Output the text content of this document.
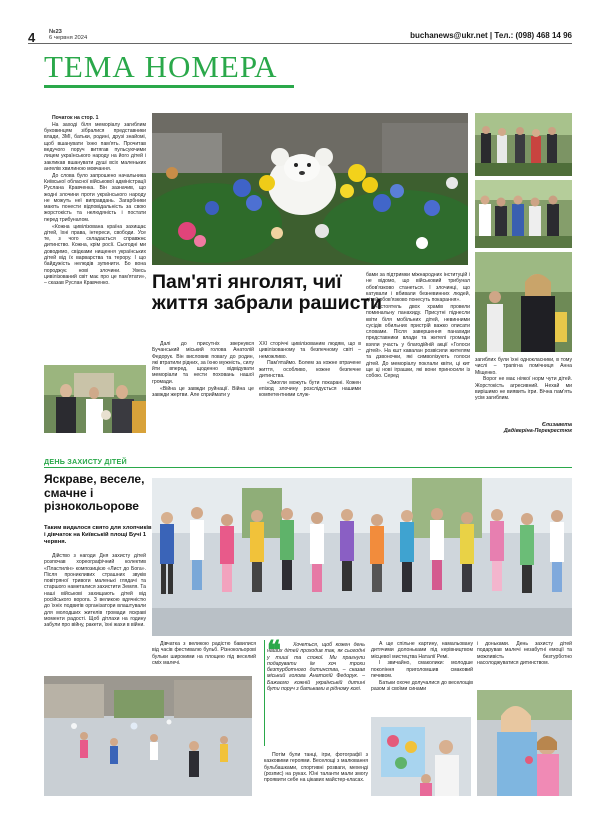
4 №23
6 червня 2024	buchanews@ukr.net | Тел.: (098) 468 14 96
ТЕМА НОМЕРА

Початок на стор. 1

На заході біля меморіалу загиблим буковинцям зібралися представники влади, ЗМІ, батьки, родині, друзі знайомі, щоб вшанувати їхню пам'ять. Прочитав ведучого поруч витягав пульсуючими лицем українського народу на його дітей і закликав вшанувати душі всіх маленьких ангелів хвилиною мовчання.

До слова було запрошено начальника Київської обласної військової адміністрації Руслана Кравченка. Він зазначив, що жодні злочини проти українського народу не можуть неї виправдань. Загарбники мають понести відповідальність за свою жорстокість та нелюдяність і постати перед трибуналом.

«Кожна цивілізована країна захищає дітей, їхні права, інтереси, свободи. Усе те, з чого складається справжнє дитинство. Кожна, крім росії. Сьогодні ми доводимо, свідками нищення українських дітей від їх варварства та терору. І що байдужість нелюдів зупинити. Бо вона породжує нові злочини. Увесь цивілізований світ має про це пам'ятати», – сказав Руслан Кравченко.	Пам'яті янголят, чиї життя забрали рашисти

Далі до присутніх звернувся Бучанський міський голова Анатолій Федорук. Він висловив повагу до родин, які втратили рідних, за їхню мужність, силу йти вперед, щоденно відвідувати меморіали та нести поховань нашої громади.

«Війна це завжди руйнації. Війна це завжди жертви. Але сприймати у

XXI сторіччі цивілізованим людям, що в цивілізованому та безпечному світі – неможливо.

Пам'ятаймо. Болем за кожне втрачене життя, особливо, кожне безпечне дитинства.

«Змогли можуть бути покарані. Кожен епізод злочину розслідується нашими компетентними служ-

бами за підтримки міжнародних інституцій і не відомо, що військовий трибунал обов'язково станеться. І злочинці, що катували і вбивали безневинних людей, дітей обов'язково понесуть покарання».

Настоятель двох храмів провели поминальну панахиду. Присутні піднесли квіти біля мобільних дітей, невинними сусідів обильних пристрій важко описати словами. Після завершення панахиди представники влади та жителі громади взяли участь у благодійній акції «Голоси дітей». На кшт кавалан розвісили жителям та дзвоночки, які символізують голоси дітей. До меморіалу поклали квіти, ці кит ще ці нові іграшки, які вони приносили із собою. Серед

загиблих були їхні однокласники, в тому числі – трапігна помічниця Анна Міщенко.

Ворог не має ніякої норм чути дітей. Жорстокість агресивний. Нехай ми вирішимо не виявить ігри. Вічна пам'ять усім загиблим.

Єлизавета
Дадіверіна-Перекрестюк
ДЕНЬ ЗАХИСТУ ДІТЕЙ
Яскраве, веселе, смачне і різнокольорове
Таким видалося свято для хлопчиків і дівчаток на Київській площі Бучі 1 червня.

Дійство з нагоди Дня захисту дітей розпочав хореографічний колектив «Пластилін» композицією «Лист до Бога». Після проникливих страшних звуків повітряної тривоги маленькі глядачі та старшого наметалися захистити Земля. Та наші військові захищають дітей від російського ворога. З великою вдячністю до їхніх подвигів організатори влаштували для молодших жителів громади яскраві моменти радості. Щоб дітлахи на годину забули про війну, ракети, їхні жахи в війни.

Дівчатка з великою радістю бавилися від часів фестивалю бульб. Різнокольорові бульки широкими на площею під веселий сміх малечі.	❝	Хочеться, щоб кожен день наших дітей проходив так, як сьогодні у тиші та спокої. Ми прагнули подарувати їм хоч трохи безтурботного дитинства, – сказав міський голова Анатолій Федорук. – Бажаємо кожній українській дитині бути поруч з батьками в рідному колі.

Потім були танці, ігри, фотографії з казковими героями. Веселощі з малювання бульбашками, спортивні розваги, мехенді (розпис) на руках. Юні таланти мали змогу проявити себе на цікавих майстер-класах.

А ще спільне картину, намальовану дитячими долоньками під керівництвом місцевої мистецтва Наталії Ремі.

І звичайно, смаколики: молодше покоління приголомшив смаковий печивом.

Батьки охоче долучалися до веселощів разом зі своїми синами

і доньками. День захисту дітей подарував малечі незабутні емоції та можливість безтурботно насолоджуватися дитинством.
